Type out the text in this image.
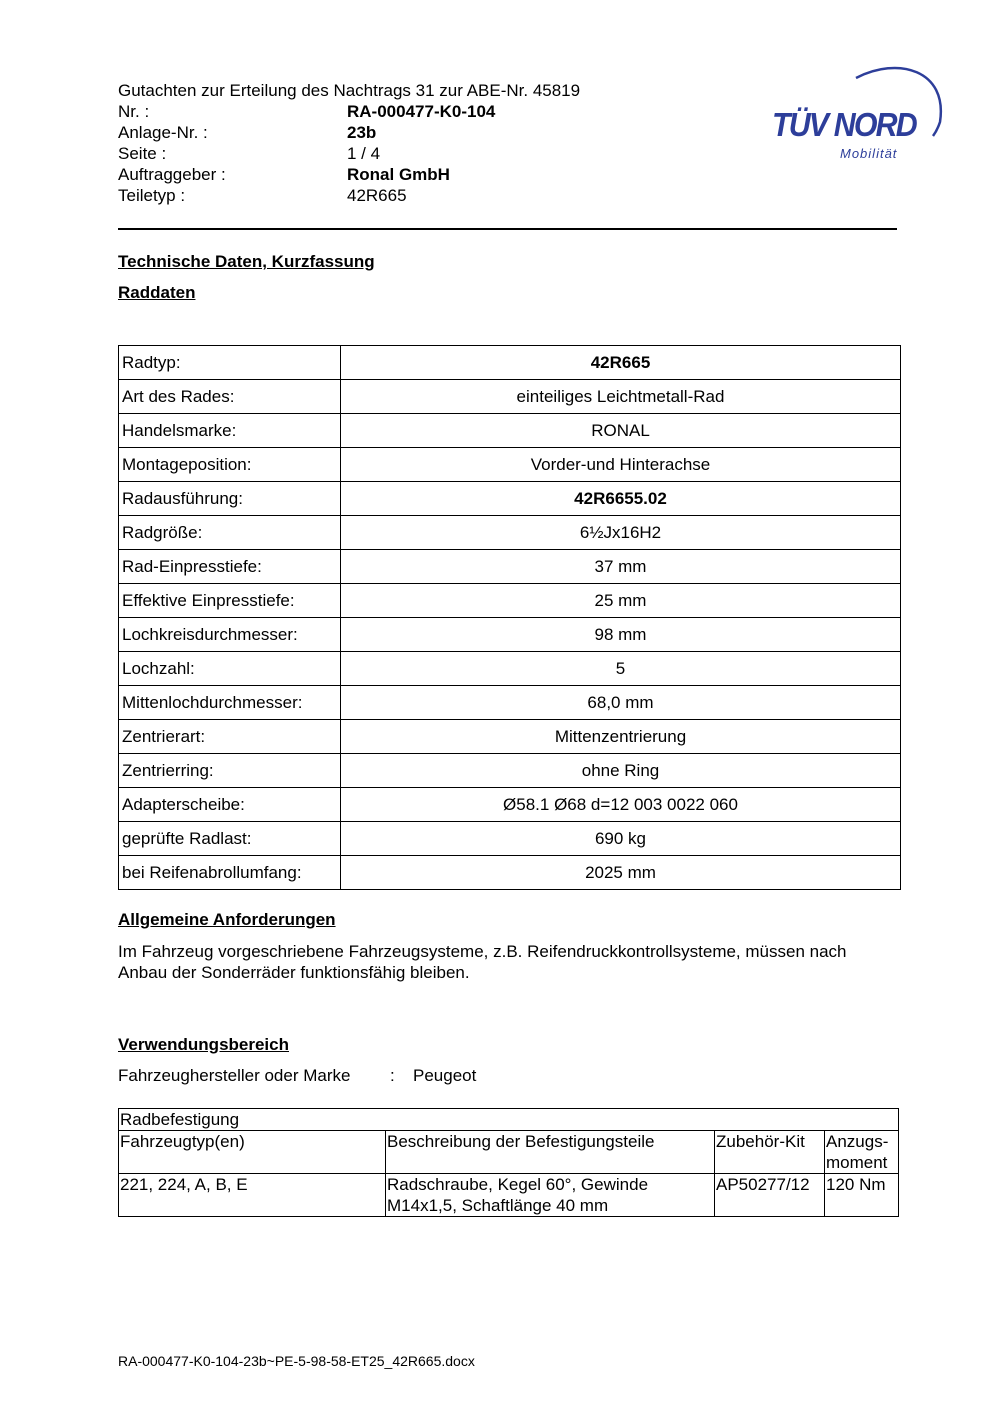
Gutachten zur Erteilung des Nachtrags 31 zur ABE-Nr. 45819
Nr. :	RA-000477-K0-104
Anlage-Nr. :	23b
Seite :	1 / 4
Auftraggeber :	Ronal GmbH
Teiletyp :	42R665
TÜV NORD
Mobilität
Technische Daten, Kurzfassung
Raddaten
Radtyp:	42R665
Art des Rades:	einteiliges Leichtmetall-Rad
Handelsmarke:	RONAL
Montageposition:	Vorder-und Hinterachse
Radausführung:	42R6655.02
Radgröße:	6½Jx16H2
Rad-Einpresstiefe:	37 mm
Effektive Einpresstiefe:	25 mm
Lochkreisdurchmesser:	98 mm
Lochzahl:	5
Mittenlochdurchmesser:	68,0 mm
Zentrierart:	Mittenzentrierung
Zentrierring:	ohne Ring
Adapterscheibe:	Ø58.1 Ø68 d=12 003 0022 060
geprüfte Radlast:	690 kg
bei Reifenabrollumfang:	2025 mm
Allgemeine Anforderungen
Im Fahrzeug vorgeschriebene Fahrzeugsysteme, z.B. Reifendruckkontrollsysteme, müssen nach Anbau der Sonderräder funktionsfähig bleiben.
Verwendungsbereich
Fahrzeughersteller oder Marke : Peugeot
Radbefestigung			
Fahrzeugtyp(en)	Beschreibung der Befestigungsteile	Zubehör-Kit	Anzugs-moment
221, 224, A, B, E	Radschraube, Kegel 60°, Gewinde M14x1,5, Schaftlänge 40 mm	AP50277/12	120 Nm
RA-000477-K0-104-23b~PE-5-98-58-ET25_42R665.docx
